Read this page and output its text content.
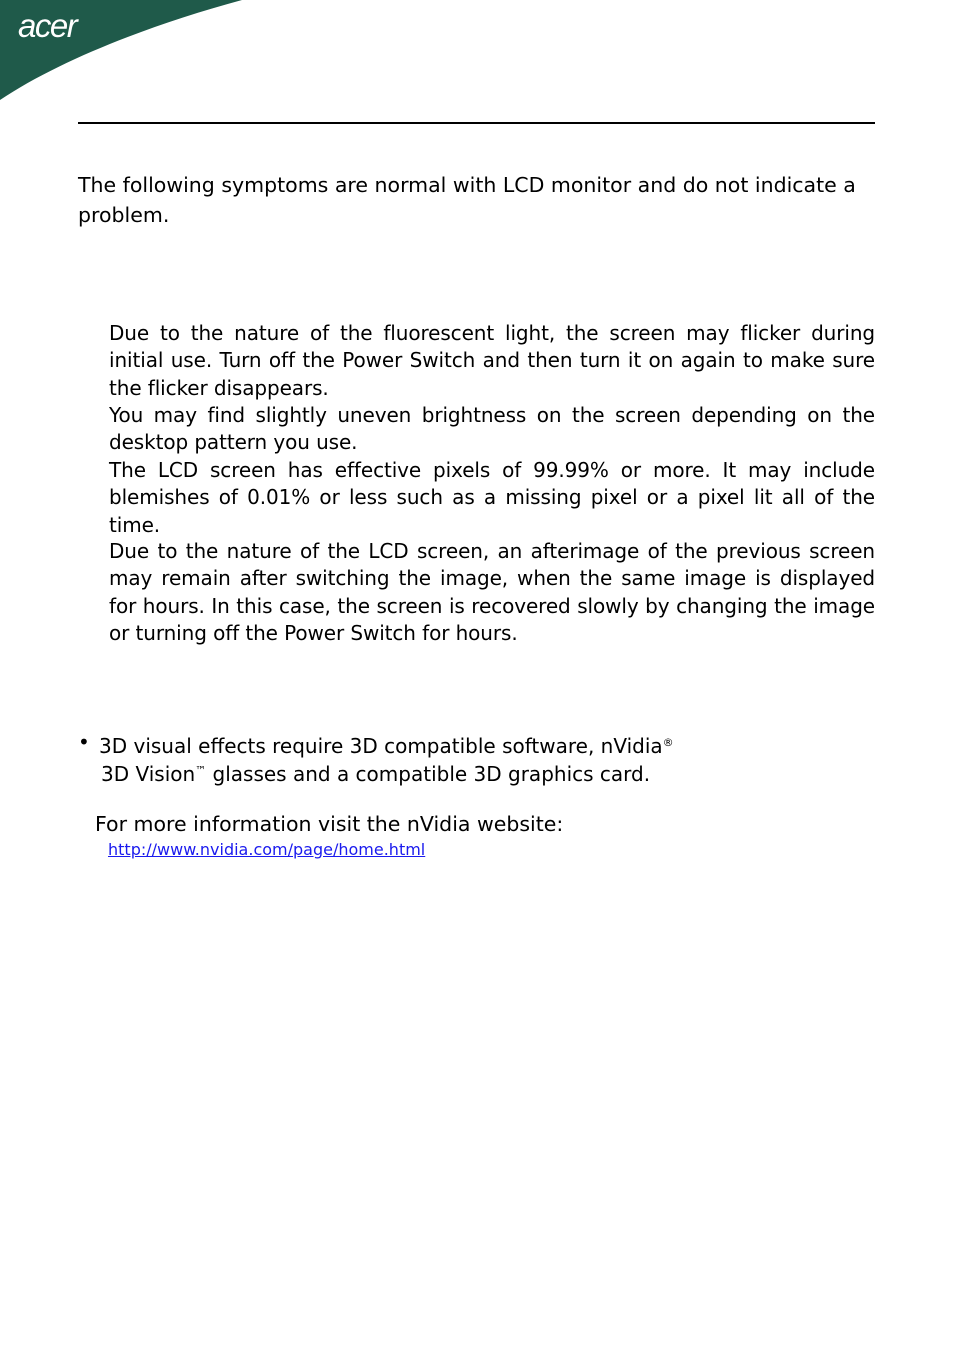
acer

The following symptoms are normal with LCD monitor and do not indicate a problem.

Due to the nature of the fluorescent light, the screen may flicker during initial use. Turn off the Power Switch and then turn it on again to make sure the flicker disappears.

You may find slightly uneven brightness on the screen depending on the desktop pattern you use.

The LCD screen has effective pixels of 99.99% or more. It may include blemishes of 0.01% or less such as a missing pixel or a pixel lit all of the time.

Due to the nature of the LCD screen, an afterimage of the previous screen may remain after switching the image, when the same image is displayed for hours. In this case, the screen is recovered slowly by changing the image or turning off the Power Switch for hours.

• 3D visual effects require 3D compatible software, nVidia®
3D Vision™ glasses and a compatible 3D graphics card.
For more information visit the nVidia website:
http://www.nvidia.com/page/home.html
